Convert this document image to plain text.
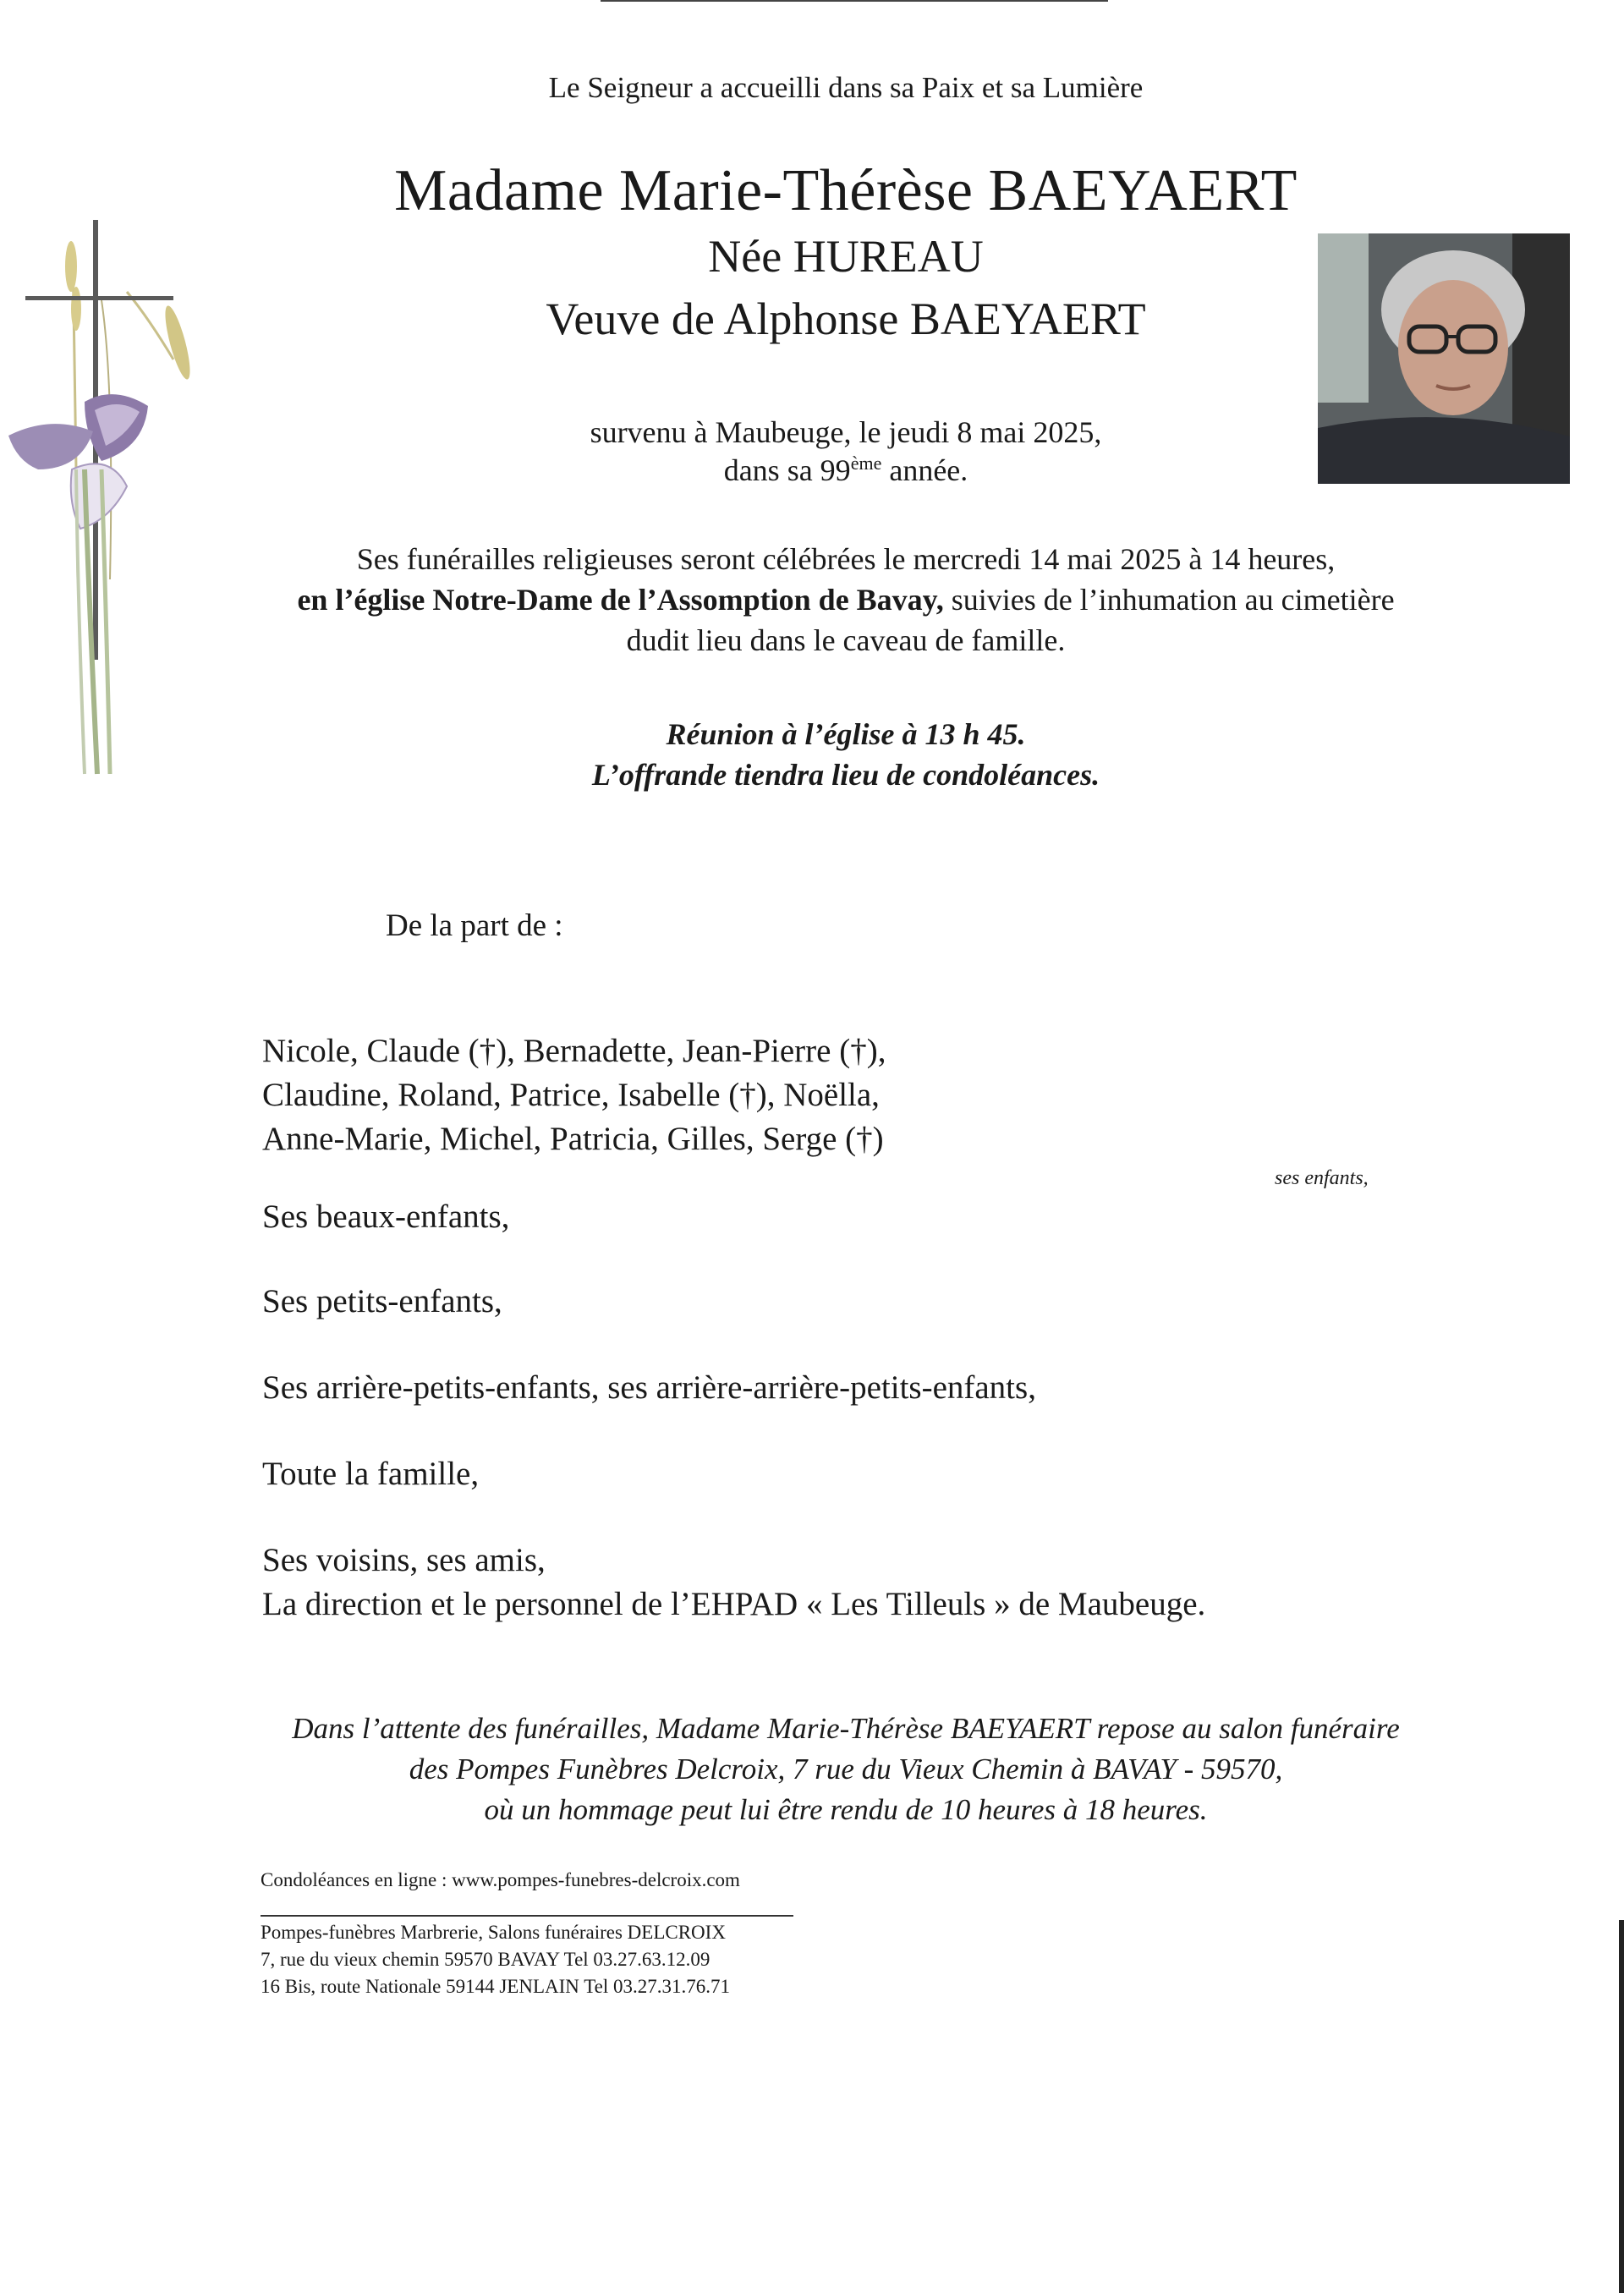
Le Seigneur a accueilli dans sa Paix et sa Lumière
Madame Marie-Thérèse BAEYAERT
Née HUREAU
Veuve de Alphonse BAEYAERT
survenu à Maubeuge, le jeudi 8 mai 2025,
dans sa 99ème année.
Ses funérailles religieuses seront célébrées le mercredi 14 mai 2025 à 14 heures,
en l’église Notre-Dame de l’Assomption de Bavay, suivies de l’inhumation au cimetière
dudit lieu dans le caveau de famille.
Réunion à l’église à 13 h 45.
L’offrande tiendra lieu de condoléances.
De la part de :
Nicole, Claude (†), Bernadette, Jean-Pierre (†),
Claudine, Roland, Patrice, Isabelle (†), Noëlla,
Anne-Marie, Michel, Patricia, Gilles, Serge (†)
ses enfants,
Ses beaux-enfants,
Ses petits-enfants,
Ses arrière-petits-enfants, ses arrière-arrière-petits-enfants,
Toute la famille,
Ses voisins, ses amis,
La direction et le personnel de l’EHPAD « Les Tilleuls » de Maubeuge.
Dans l’attente des funérailles, Madame Marie-Thérèse BAEYAERT repose au salon funéraire
des Pompes Funèbres Delcroix, 7 rue du Vieux Chemin à BAVAY - 59570,
où un hommage peut lui être rendu de 10 heures à 18 heures.
Condoléances en ligne : www.pompes-funebres-delcroix.com
Pompes-funèbres Marbrerie, Salons funéraires DELCROIX
7, rue du vieux chemin 59570 BAVAY Tel 03.27.63.12.09
16 Bis, route Nationale 59144 JENLAIN Tel 03.27.31.76.71
